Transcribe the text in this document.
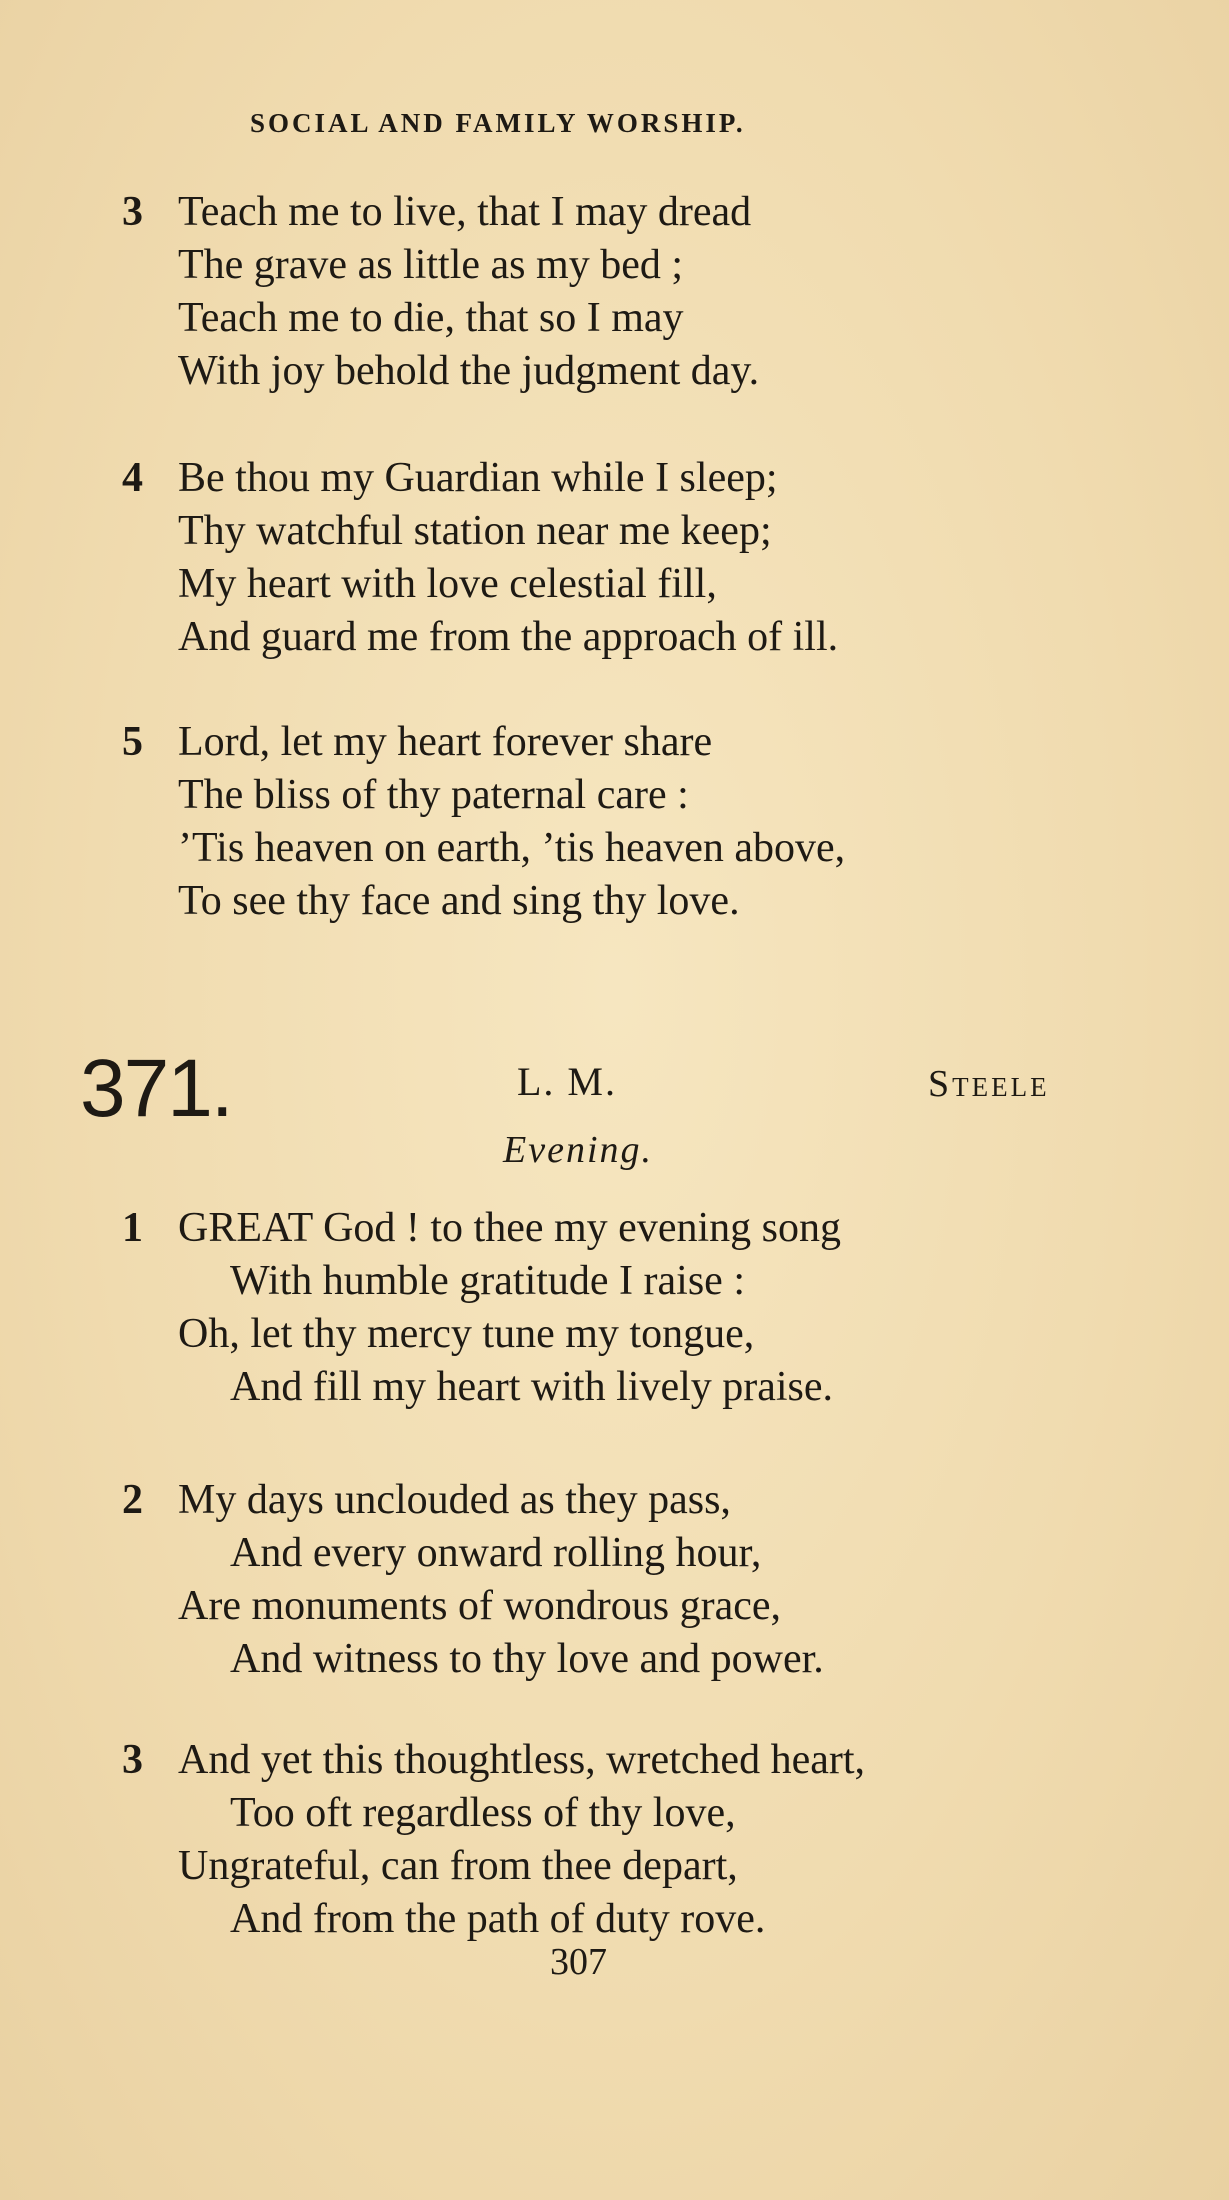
SOCIAL AND FAMILY WORSHIP.
3 Teach me to live, that I may dread
The grave as little as my bed ;
Teach me to die, that so I may
With joy behold the judgment day.
4 Be thou my Guardian while I sleep;
Thy watchful station near me keep;
My heart with love celestial fill,
And guard me from the approach of ill.
5 Lord, let my heart forever share
The bliss of thy paternal care :
’Tis heaven on earth, ’tis heaven above,
To see thy face and sing thy love.
371.	L. M.	Steele
Evening.
1 GREAT God ! to thee my evening song
With humble gratitude I raise :
Oh, let thy mercy tune my tongue,
And fill my heart with lively praise.
2 My days unclouded as they pass,
And every onward rolling hour,
Are monuments of wondrous grace,
And witness to thy love and power.
3 And yet this thoughtless, wretched heart,
Too oft regardless of thy love,
Ungrateful, can from thee depart,
And from the path of duty rove.
307
